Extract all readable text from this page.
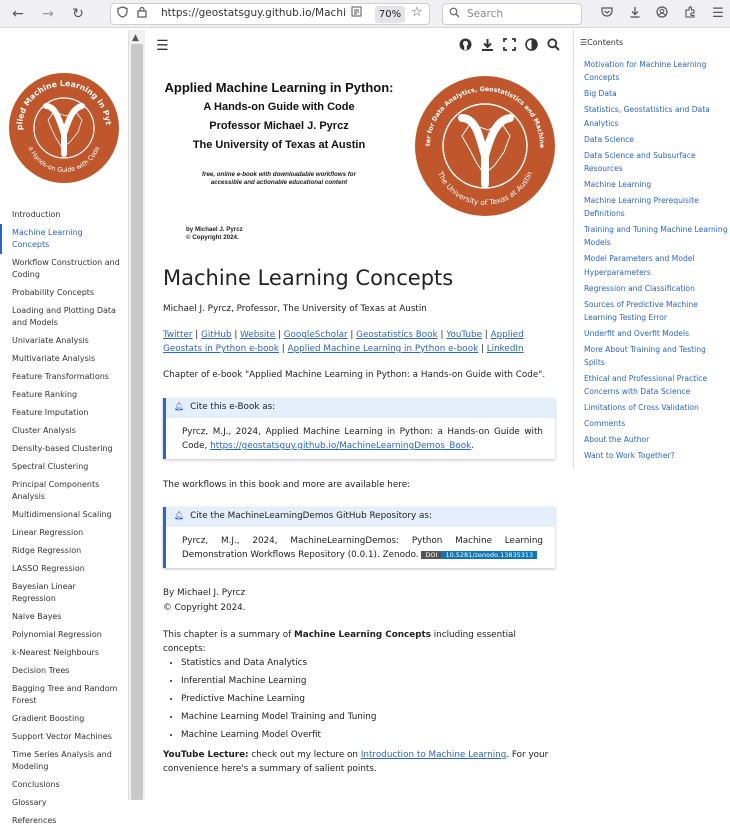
← → ↻	https://geostatsguy.github.io/Machi	70% ☆	Search	☰
plied Machine Learning in Pyt
a Hands-on Guide with Code
Introduction
Machine Learning Concepts
Workflow Construction and Coding
Probability Concepts
Loading and Plotting Data and Models
Univariate Analysis
Multivariate Analysis
Feature Transformations
Feature Ranking
Feature Imputation
Cluster Analysis
Density-based Clustering
Spectral Clustering
Principal Components Analysis
Multidimensional Scaling
Linear Regression
Ridge Regression
LASSO Regression
Bayesian Linear Regression
Naive Bayes
Polynomial Regression
k-Nearest Neighbours
Decision Trees
Bagging Tree and Random Forest
Gradient Boosting
Support Vector Machines
Time Series Analysis and Modeling
Conclusions
Glossary
References
▲ ☰
Applied Machine Learning in Python:
A Hands-on Guide with Code
Professor Michael J. Pyrcz
The University of Texas at Austin
free, online e-book with downloadable workflows for
accessible and actionable educational content
by Michael J. Pyrcz
© Copyright 2024.
ter for Data Analytics, Geostatistics and Machine
The University of Texas at Austin
Machine Learning Concepts
Michael J. Pyrcz, Professor, The University of Texas at Austin
Twitter | GitHub | Website | GoogleScholar | Geostatistics Book | YouTube | Applied Geostats in Python e-book | Applied Machine Learning in Python e-book | LinkedIn
Chapter of e-book "Applied Machine Learning in Python: a Hands-on Guide with Code".
🔔︎ Cite this e-Book as:
Pyrcz, M.J., 2024, Applied Machine Learning in Python: a Hands-on Guide with Code, https://geostatsguy.github.io/MachineLearningDemos_Book.
The workflows in this book and more are available here:
🔔︎ Cite the MachineLearningDemos GitHub Repository as:
Pyrcz, M.J., 2024, MachineLearningDemos: Python Machine Learning Demonstration Workflows Repository (0.0.1). Zenodo. DOI 10.5281/zenodo.13835313
By Michael J. Pyrcz
© Copyright 2024.
This chapter is a summary of Machine Learning Concepts including essential concepts:
• Statistics and Data Analytics
• Inferential Machine Learning
• Predictive Machine Learning
• Machine Learning Model Training and Tuning
• Machine Learning Model Overfit
YouTube Lecture: check out my lecture on Introduction to Machine Learning. For your convenience here's a summary of salient points.
☰︎Contents
Motivation for Machine Learning Concepts
Big Data
Statistics, Geostatistics and Data Analytics
Data Science
Data Science and Subsurface Resources
Machine Learning
Machine Learning Prerequisite Definitions
Training and Tuning Machine Learning Models
Model Parameters and Model Hyperparameters
Regression and Classification
Sources of Predictive Machine Learning Testing Error
Underfit and Overfit Models
More About Training and Testing Splits
Ethical and Professional Practice Concerns with Data Science
Limitations of Cross Validation
Comments
About the Author
Want to Work Together?
